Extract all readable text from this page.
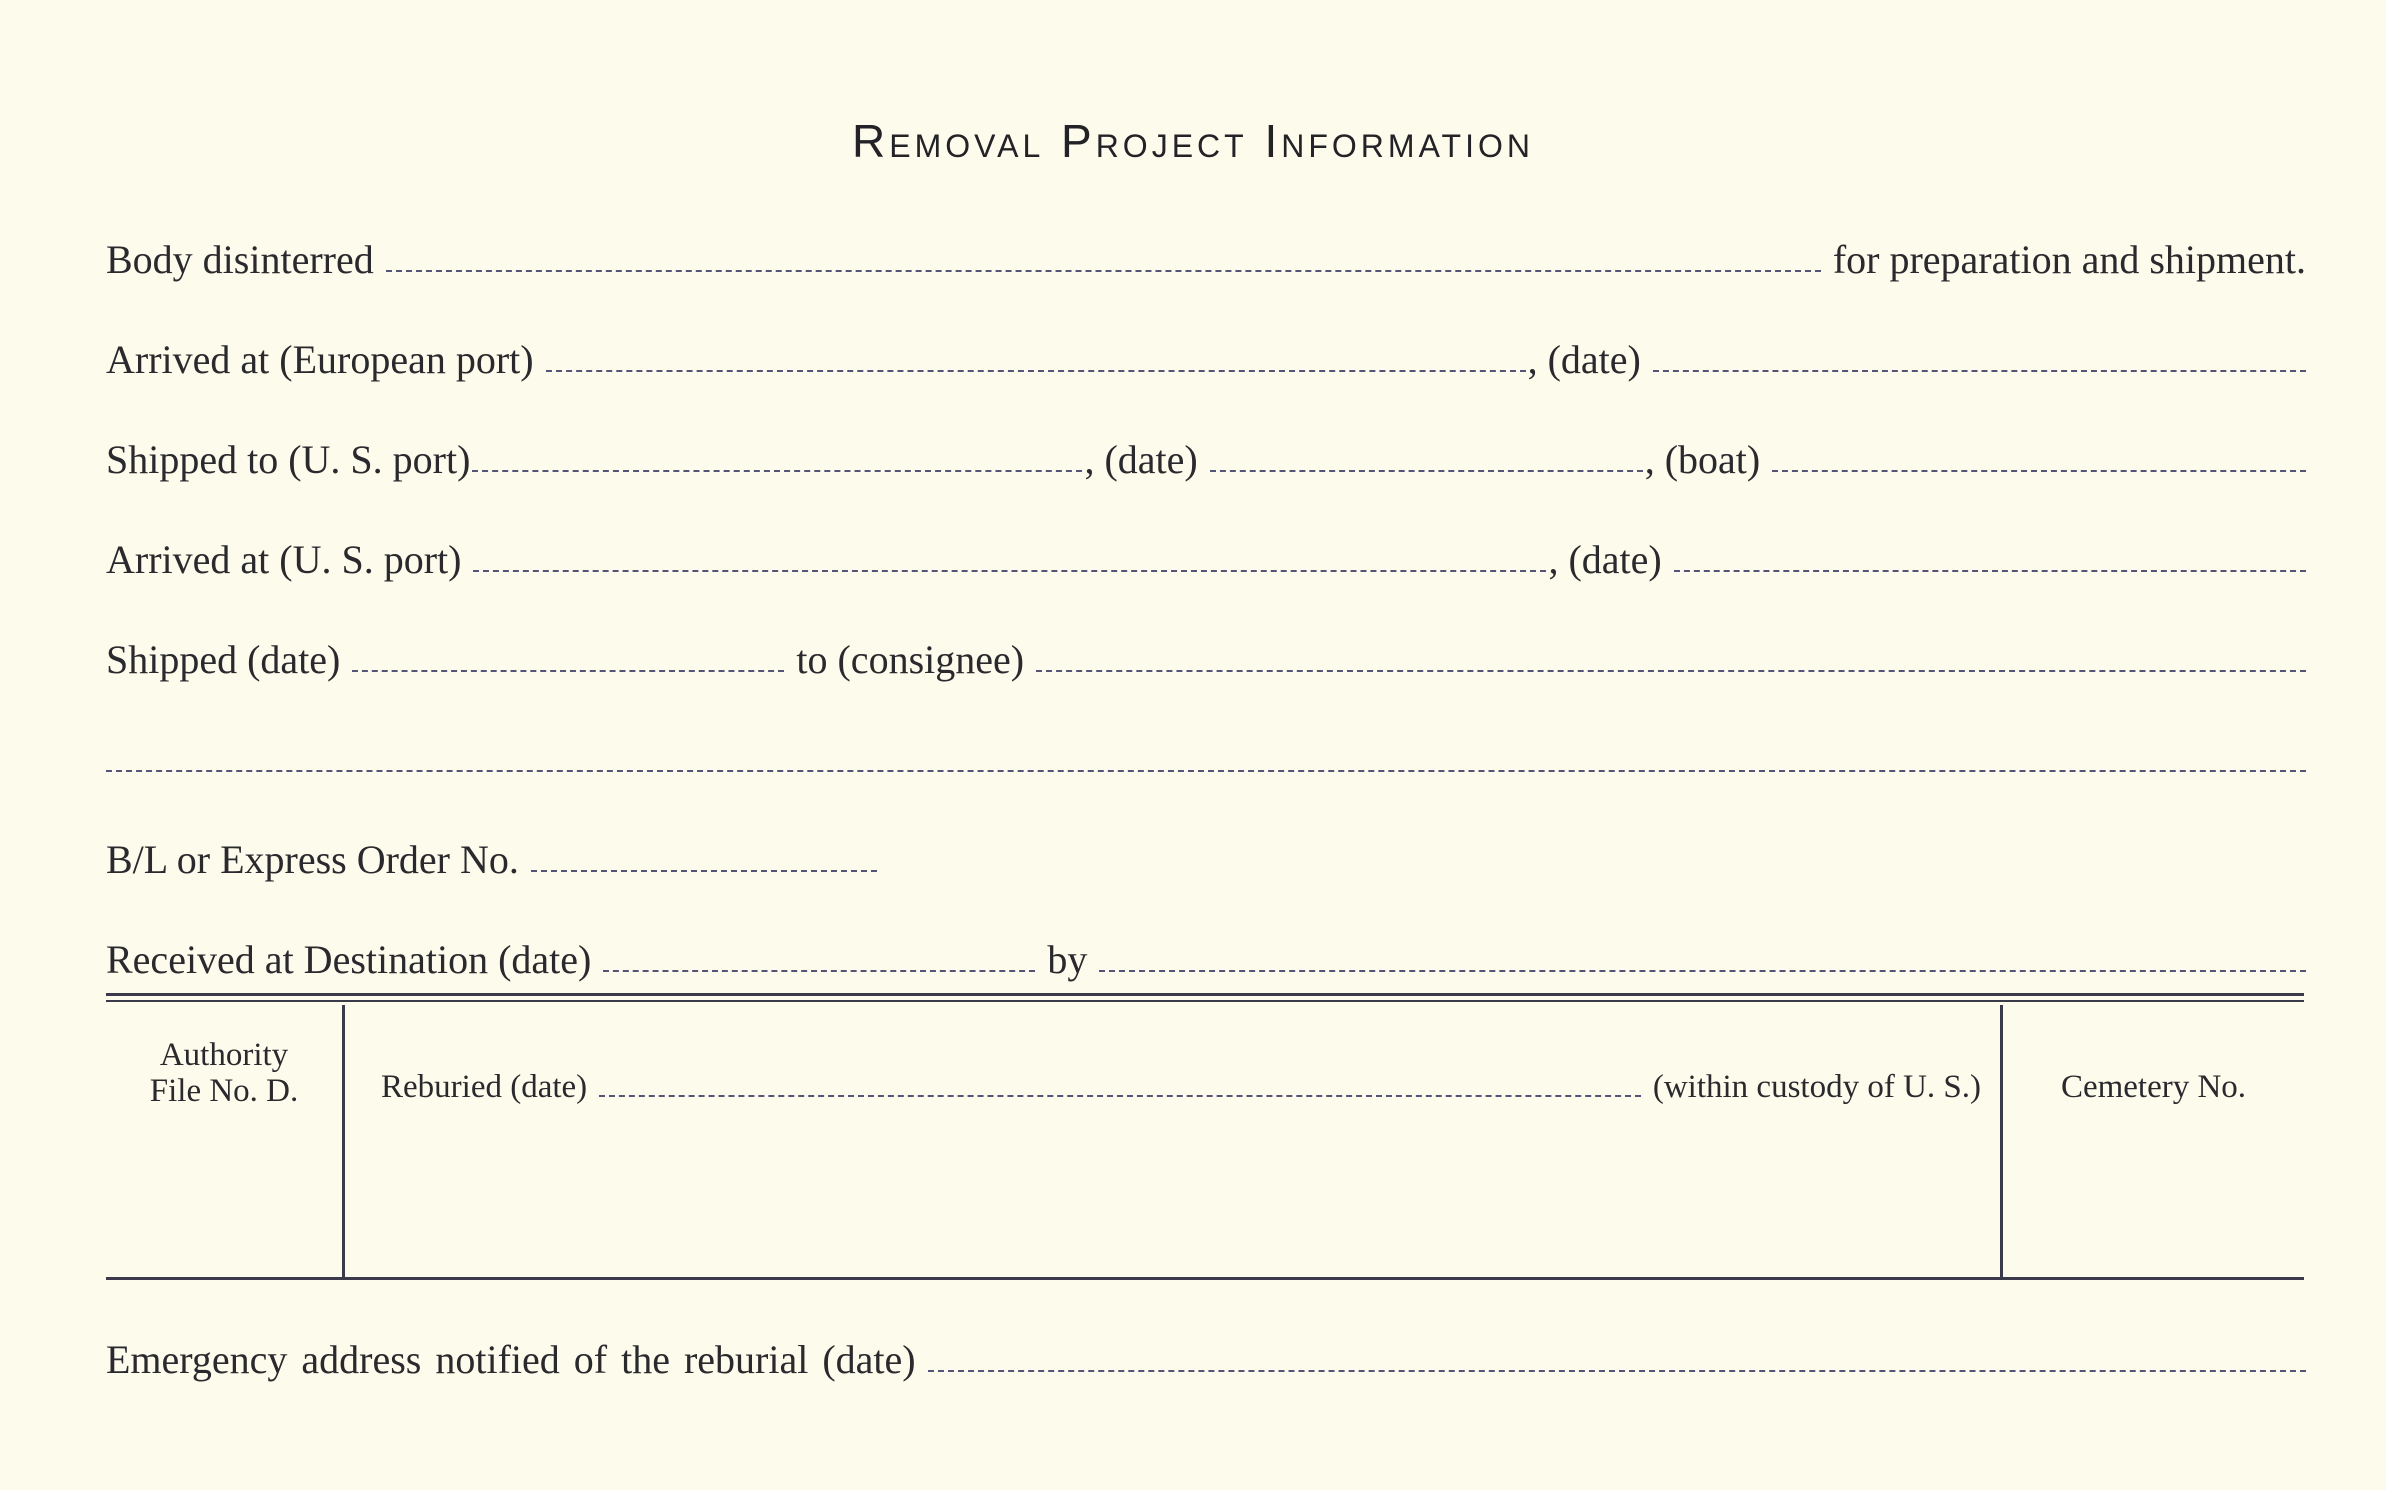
Removal Project Information
Body disinterred	for preparation and shipment.
Arrived at (European port)	, (date)
Shipped to (U. S. port)	, (date)	, (boat)
Arrived at (U. S. port)	, (date)
Shipped (date)	to (consignee)
B/L or Express Order No.
Received at Destination (date)	by
Authority
File No. D.	Reburied (date)	(within custody of U. S.)	Cemetery No.
Emergency address notified of the reburial (date)
